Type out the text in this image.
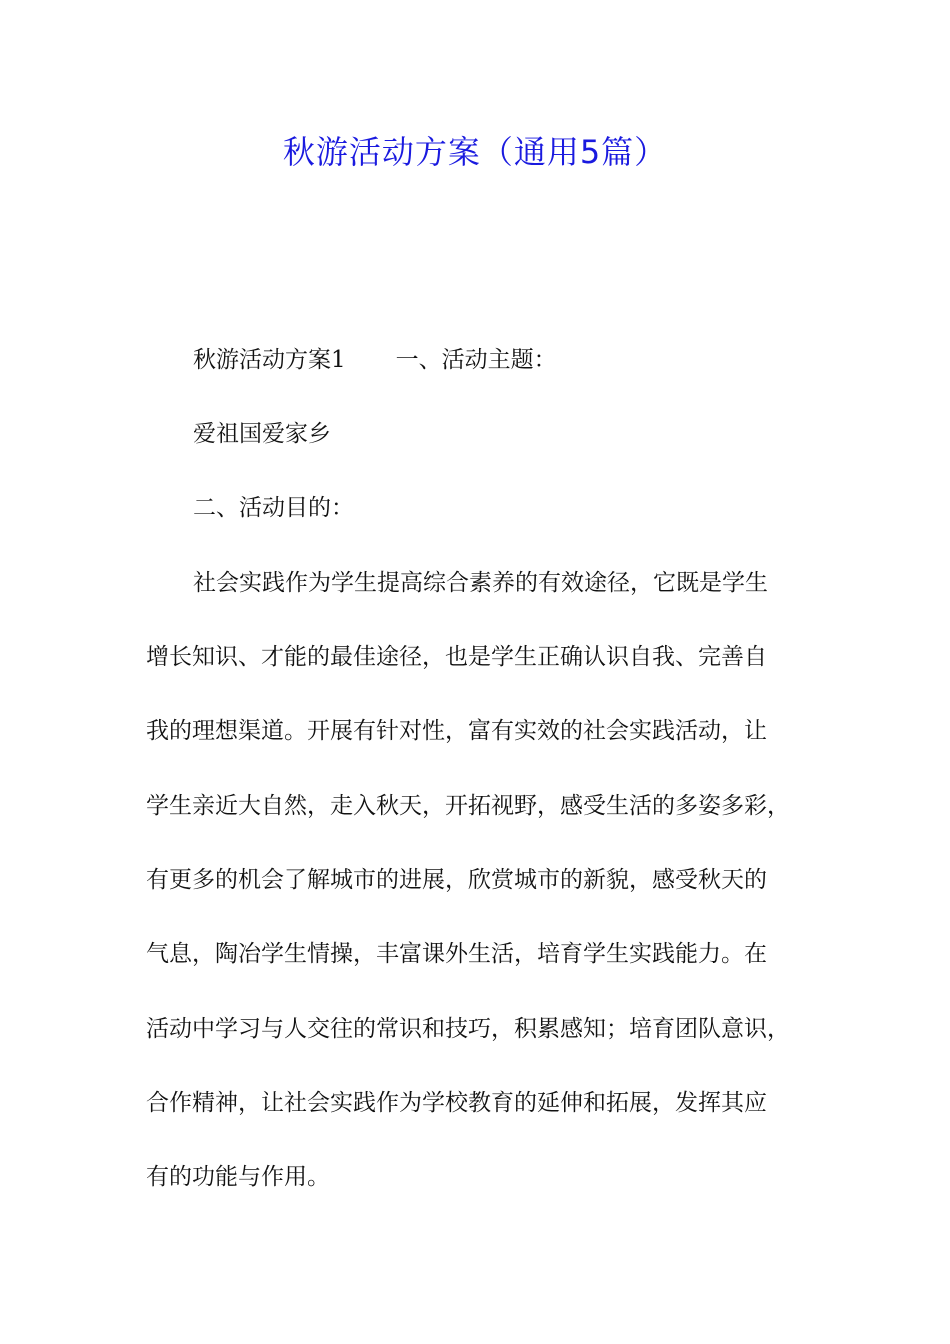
秋游活动方案（通用5篇）

秋游活动方案1 一、活动主题：

爱祖国爱家乡

二、活动目的：

社会实践作为学生提高综合素养的有效途径，它既是学生

增长知识、才能的最佳途径，也是学生正确认识自我、完善自

我的理想渠道。开展有针对性，富有实效的社会实践活动，让

学生亲近大自然，走入秋天，开拓视野，感受生活的多姿多彩，

有更多的机会了解城市的进展，欣赏城市的新貌，感受秋天的

气息，陶冶学生情操，丰富课外生活，培育学生实践能力。在

活动中学习与人交往的常识和技巧，积累感知；培育团队意识，

合作精神，让社会实践作为学校教育的延伸和拓展，发挥其应

有的功能与作用。
